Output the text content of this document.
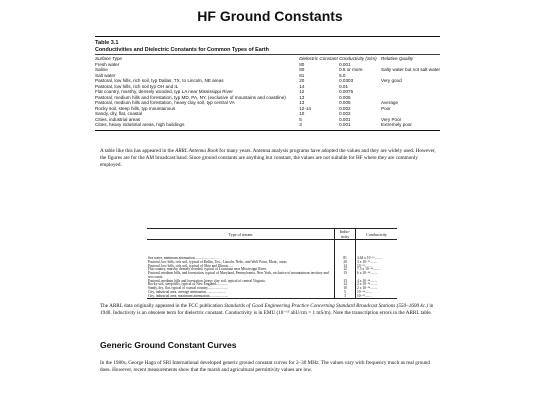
HF Ground Constants
Table 3.1
Conductivities and Dielectric Constants for Common Types of Earth
Surface Type	Dielectric Constant	Conductivity (S/m)	Relative Quality
Fresh water	80	0.001	
Saline	80	0.5 or more	Salty water but not salt water
Salt water	81	5.0	
Pastoral, low hills, rich soil, typ Dallas, TX, to Lincoln, NE areas	20	0.0303	Very good
Pastoral, low hills, rich soil typ OH and IL	14	0.01	
Flat country, marshy, densely wooded, typ LA near Mississippi River	12	0.0075	
Pastoral, medium hills and forestation, typ MD, PA, NY, (exclusive of mountains and coastline)	13	0.006	
Pastoral, medium hills and forestation, heavy clay soil, typ central VA	13	0.005	Average
Rocky soil, steep hills, typ mountainous	12-14	0.002	Poor
Sandy, dry, flat, coastal	10	0.002	
Cities, industrial areas	5	0.001	Very Poor
Cities, heavy industrial areas, high buildings	3	0.001	Extremely poor
A table like this has appeared in the ARRL Antenna Book for many years. Antenna analysis programs have adopted the values and they are widely used. However, the figures are for the AM broadcast band. Since ground constants are anything but constant, the values are not suitable for HF where they are commonly employed.
Type of terrain	Induc-tivity	Conductivity

Sea water, minimum attenuation............................	81	4.64 x 10⁻¹¹........
Pastoral, low hills, rich soil, typical of Dallas, Tex., Lincoln, Nebr., and Wolf Point, Mont., areas.	20	3 x 10⁻¹³........
Pastoral, low hills, rich soil, typical of Ohio and Illinois......	14	10⁻¹³........
Flat country, marshy, densely wooded, typical of Louisiana near Mississippi River.	12	7.5 x 10⁻¹⁴........
Pastoral, medium hills, and forestation, typical of Maryland, Pennsylvania, New York, exclusive of mountainous territory and sea coasts.	13	6 x 10⁻¹⁴........
Pastoral, medium hills and forestation, heavy clay soil, typical of central Virginia.	13	4 x 10⁻¹⁴........
Rocky soil, steep hills, typical of New England..............	14	2 x 10⁻¹⁴........
Sandy, dry, flat, typical of coastal country......................	10	2 x 10⁻¹⁴........
City, industrial area, average attenuation......................	5	10⁻¹⁴........
City, industrial area, maximum attenuation.....................	3	10⁻¹⁵........
The ARRL data originally appeared in the FCC publication Standards of Good Engineering Practice Concerning Standard Broadcast Stations (550–1600 kc.) in 1940. Inductivity is an obsolete term for dielectric constant. Conductivity is in EMU (10⁻¹³ abU/cm = 1 mS/m). Note the transcription errors in the ARRL table.
Generic Ground Constant Curves
In the 1980s, George Hagn of SRI International developed generic ground constant curves for 2–30 MHz. The values vary with frequency much as real ground does. However, recent measurements show that the marsh and agricultural permittivity values are low.
